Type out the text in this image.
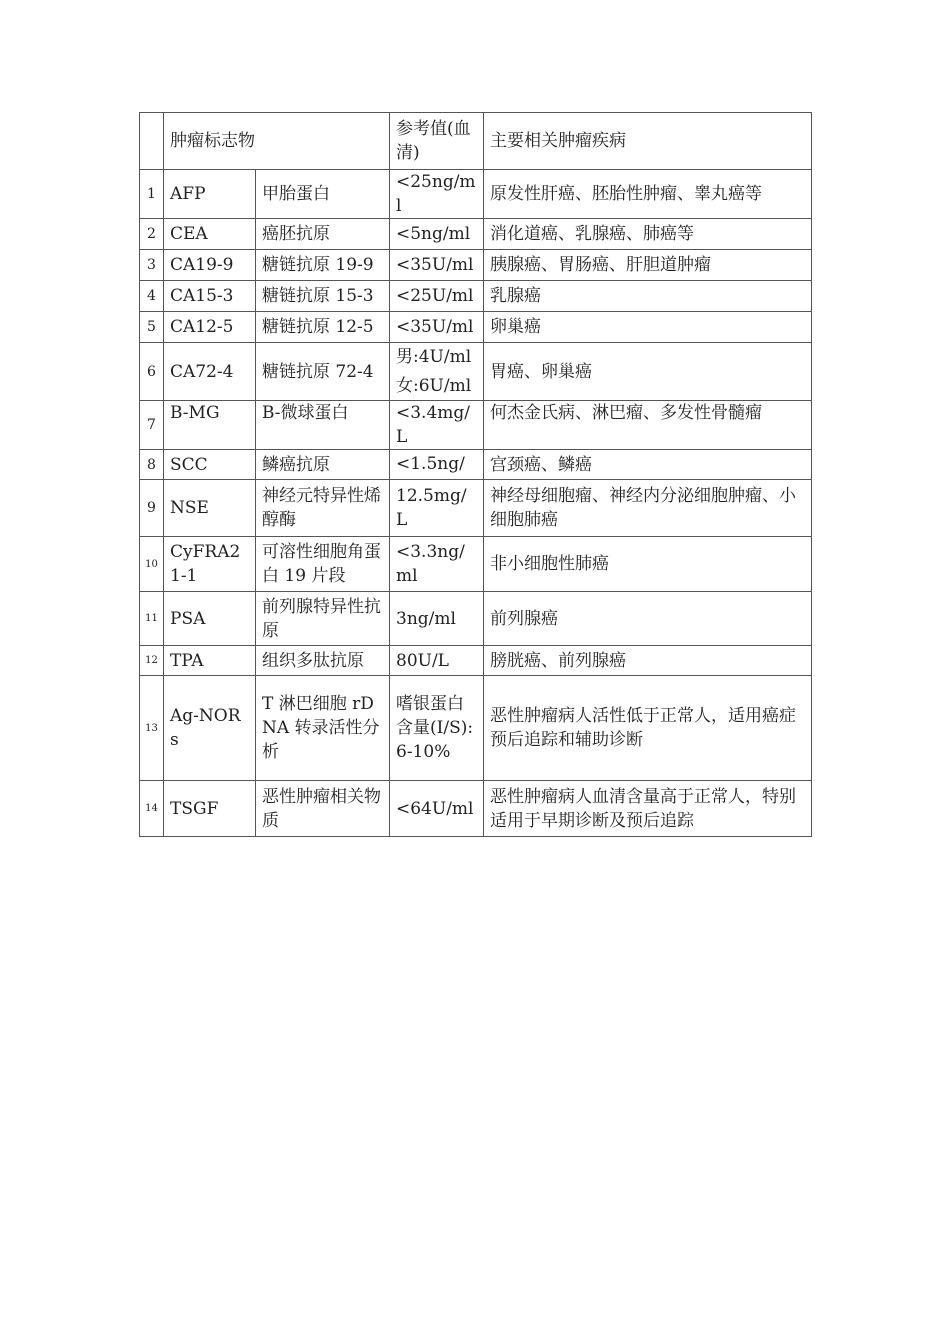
	肿瘤标志物		参考值(血清)	主要相关肿瘤疾病
1	AFP	甲胎蛋白	<25ng/ml	原发性肝癌、胚胎性肿瘤、睾丸癌等
2	CEA	癌胚抗原	<5ng/ml	消化道癌、乳腺癌、肺癌等
3	CA19-9	糖链抗原 19-9	<35U/ml	胰腺癌、胃肠癌、肝胆道肿瘤
4	CA15-3	糖链抗原 15-3	<25U/ml	乳腺癌
5	CA12-5	糖链抗原 12-5	<35U/ml	卵巢癌
6	CA72-4	糖链抗原 72-4	男:4U/ml 女:6U/ml	胃癌、卵巢癌
7	B-MG	B-微球蛋白	<3.4mg/L	何杰金氏病、淋巴瘤、多发性骨髓瘤

8	SCC	鳞癌抗原	<1.5ng/	宫颈癌、鳞癌
9	NSE	神经元特异性烯醇酶	12.5mg/L	神经母细胞瘤、神经内分泌细胞肿瘤、小细胞肺癌
10	CyFRA21-1	可溶性细胞角蛋白 19 片段	<3.3ng/ml	非小细胞性肺癌
11	PSA	前列腺特异性抗原	3ng/ml	前列腺癌
12	TPA	组织多肽抗原	80U/L	膀胱癌、前列腺癌
13	Ag-NORs	T 淋巴细胞 rDNA 转录活性分析	嗜银蛋白含量(I/S):6-10%	恶性肿瘤病人活性低于正常人，适用癌症预后追踪和辅助诊断
14	TSGF	恶性肿瘤相关物质	<64U/ml	恶性肿瘤病人血清含量高于正常人，特别适用于早期诊断及预后追踪
